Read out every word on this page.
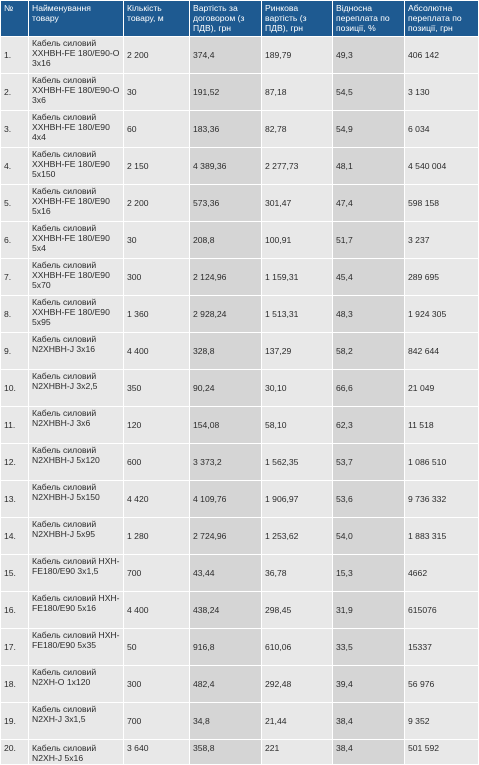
№	Найменування товару	Кількість товару, м	Вартість за договором (з ПДВ), грн	Ринкова вартість (з ПДВ), грн	Відносна переплата по позиції, %	Абсолютна переплата по позиції, грн
1.	Кабель силовий ХХНВН-FE 180/E90-О 3x16	2 200	374,4	189,79	49,3	406 142
2.	Кабель силовий ХХНВН-FE 180/E90-О 3x6	30	191,52	87,18	54,5	3 130
3.	Кабель силовий ХХНВН-FE 180/E90 4x4	60	183,36	82,78	54,9	6 034
4.	Кабель силовий ХХНВН-FE 180/E90 5x150	2 150	4 389,36	2 277,73	48,1	4 540 004
5.	Кабель силовий ХХНВН-FE 180/E90 5x16	2 200	573,36	301,47	47,4	598 158
6.	Кабель силовий ХХНВН-FE 180/E90 5x4	30	208,8	100,91	51,7	3 237
7.	Кабель силовий ХХНВН-FE 180/E90 5x70	300	2 124,96	1 159,31	45,4	289 695
8.	Кабель силовий ХХНВН-FE 180/E90 5x95	1 360	2 928,24	1 513,31	48,3	1 924 305
9.	Кабель силовий N2XHBH-J 3x16	4 400	328,8	137,29	58,2	842 644
10.	Кабель силовий N2XHBH-J 3x2,5	350	90,24	30,10	66,6	21 049
11.	Кабель силовий N2XHBH-J 3x6	120	154,08	58,10	62,3	11 518
12.	Кабель силовий N2XHBH-J 5x120	600	3 373,2	1 562,35	53,7	1 086 510
13.	Кабель силовий N2XHBH-J 5x150	4 420	4 109,76	1 906,97	53,6	9 736 332
14.	Кабель силовий N2XHBH-J 5x95	1 280	2 724,96	1 253,62	54,0	1 883 315
15.	Кабель силовий НХН-FE180/E90 3x1,5	700	43,44	36,78	15,3	4662
16.	Кабель силовий НХН-FE180/E90 5x16	4 400	438,24	298,45	31,9	615076
17.	Кабель силовий НХН-FE180/E90 5x35	50	916,8	610,06	33,5	15337
18.	Кабель силовий N2XH-О 1x120	300	482,4	292,48	39,4	56 976
19.	Кабель силовий N2XH-J 3x1,5	700	34,8	21,44	38,4	9 352
20.	Кабель силовий N2XH-J 5x16	3 640	358,8	221	38,4	501 592
